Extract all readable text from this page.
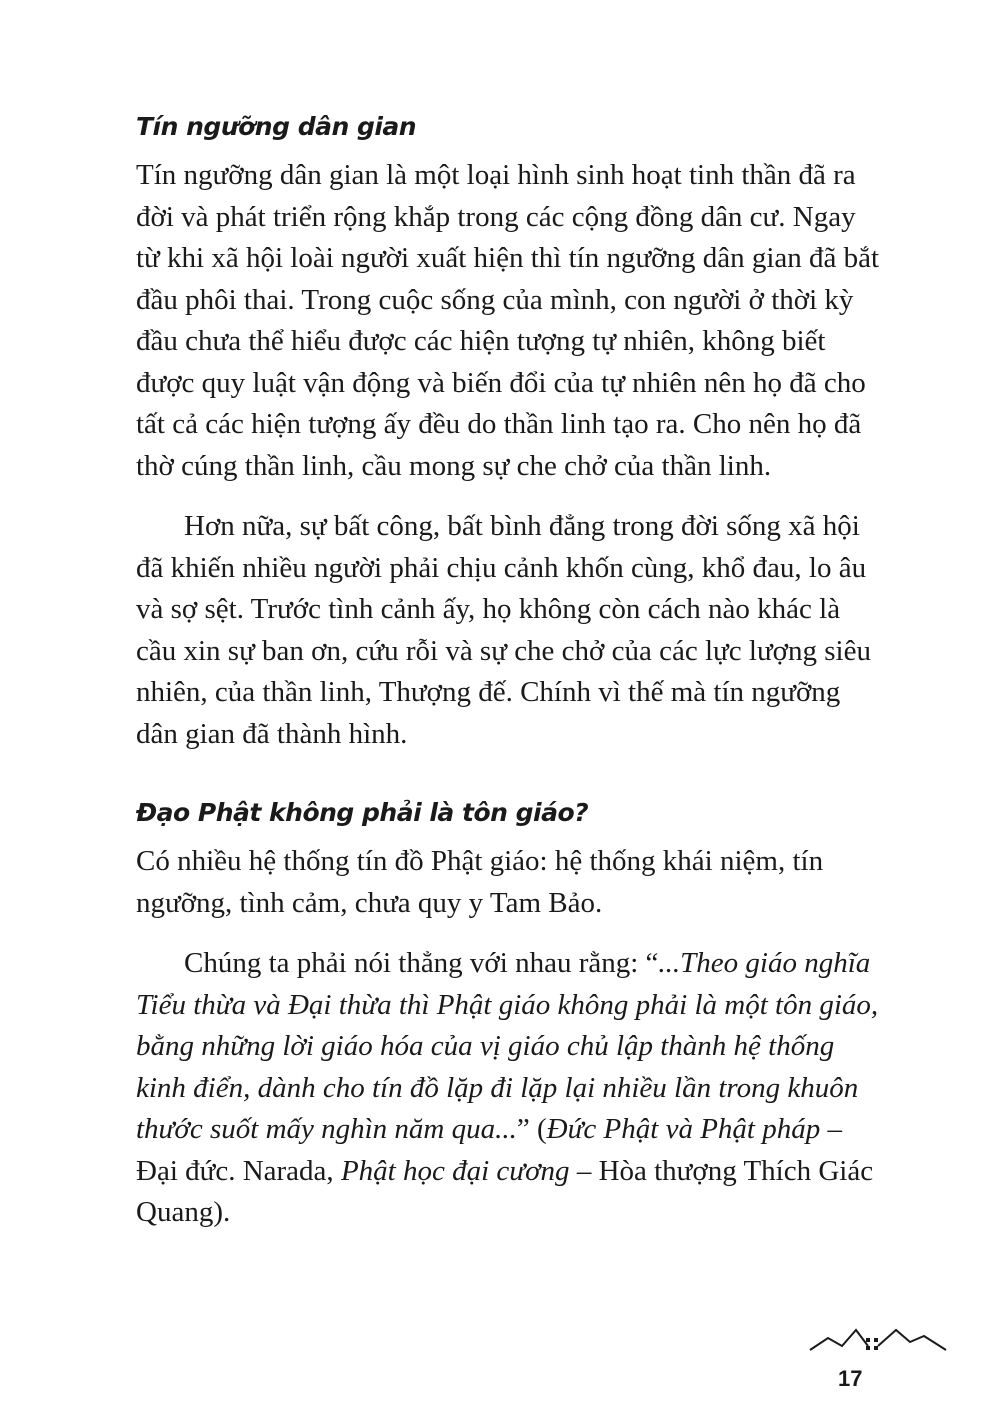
Tín ngưỡng dân gian

Tín ngưỡng dân gian là một loại hình sinh hoạt tinh thần đã ra đời và phát triển rộng khắp trong các cộng đồng dân cư. Ngay từ khi xã hội loài người xuất hiện thì tín ngưỡng dân gian đã bắt đầu phôi thai. Trong cuộc sống của mình, con người ở thời kỳ đầu chưa thể hiểu được các hiện tượng tự nhiên, không biết được quy luật vận động và biến đổi của tự nhiên nên họ đã cho tất cả các hiện tượng ấy đều do thần linh tạo ra. Cho nên họ đã thờ cúng thần linh, cầu mong sự che chở của thần linh.

Hơn nữa, sự bất công, bất bình đẳng trong đời sống xã hội đã khiến nhiều người phải chịu cảnh khốn cùng, khổ đau, lo âu và sợ sệt. Trước tình cảnh ấy, họ không còn cách nào khác là cầu xin sự ban ơn, cứu rỗi và sự che chở của các lực lượng siêu nhiên, của thần linh, Thượng đế. Chính vì thế mà tín ngưỡng dân gian đã thành hình.

Đạo Phật không phải là tôn giáo?

Có nhiều hệ thống tín đồ Phật giáo: hệ thống khái niệm, tín ngưỡng, tình cảm, chưa quy y Tam Bảo.

Chúng ta phải nói thẳng với nhau rằng: “...Theo giáo nghĩa Tiểu thừa và Đại thừa thì Phật giáo không phải là một tôn giáo, bằng những lời giáo hóa của vị giáo chủ lập thành hệ thống kinh điển, dành cho tín đồ lặp đi lặp lại nhiều lần trong khuôn thước suốt mấy nghìn năm qua...” (Đức Phật và Phật pháp – Đại đức. Narada, Phật học đại cương – Hòa thượng Thích Giác Quang).

17
